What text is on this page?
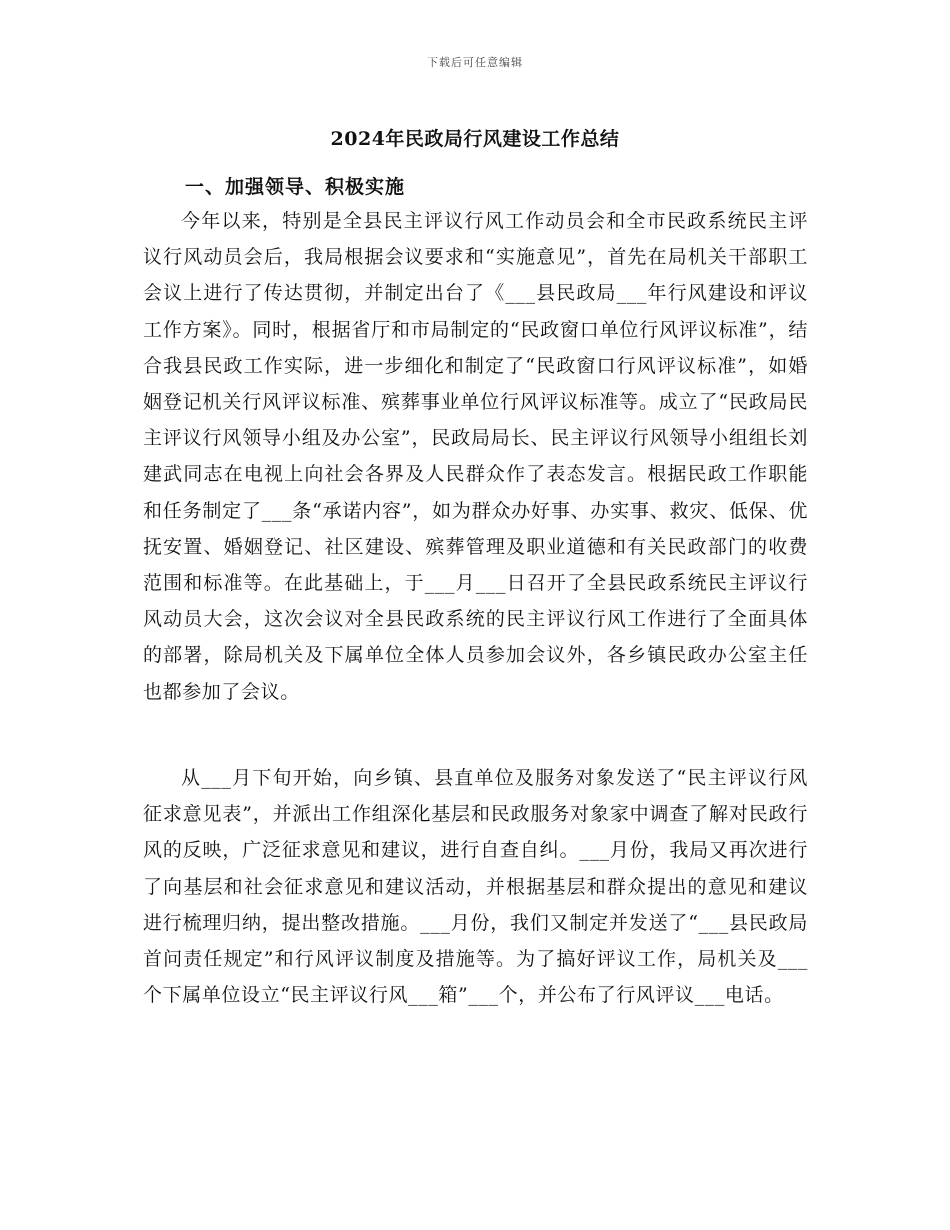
下载后可任意编辑
2024年民政局行风建设工作总结
一、加强领导、积极实施

今年以来，特别是全县民主评议行风工作动员会和全市民政系统民主评议行风动员会后，我局根据会议要求和“实施意见”，首先在局机关干部职工会议上进行了传达贯彻，并制定出台了《___县民政局___年行风建设和评议工作方案》。同时，根据省厅和市局制定的“民政窗口单位行风评议标准”，结合我县民政工作实际，进一步细化和制定了“民政窗口行风评议标准”，如婚姻登记机关行风评议标准、殡葬事业单位行风评议标准等。成立了“民政局民主评议行风领导小组及办公室”，民政局局长、民主评议行风领导小组组长刘建武同志在电视上向社会各界及人民群众作了表态发言。根据民政工作职能和任务制定了___条“承诺内容”，如为群众办好事、办实事、救灾、低保、优抚安置、婚姻登记、社区建设、殡葬管理及职业道德和有关民政部门的收费范围和标准等。在此基础上，于___月___日召开了全县民政系统民主评议行风动员大会，这次会议对全县民政系统的民主评议行风工作进行了全面具体的部署，除局机关及下属单位全体人员参加会议外，各乡镇民政办公室主任也都参加了会议。

从___月下旬开始，向乡镇、县直单位及服务对象发送了“民主评议行风征求意见表”，并派出工作组深化基层和民政服务对象家中调查了解对民政行风的反映，广泛征求意见和建议，进行自查自纠。___月份，我局又再次进行了向基层和社会征求意见和建议活动，并根据基层和群众提出的意见和建议进行梳理归纳，提出整改措施。___月份，我们又制定并发送了“___县民政局首问责任规定”和行风评议制度及措施等。为了搞好评议工作，局机关及___个下属单位设立“民主评议行风___箱”___个，并公布了行风评议___电话。
